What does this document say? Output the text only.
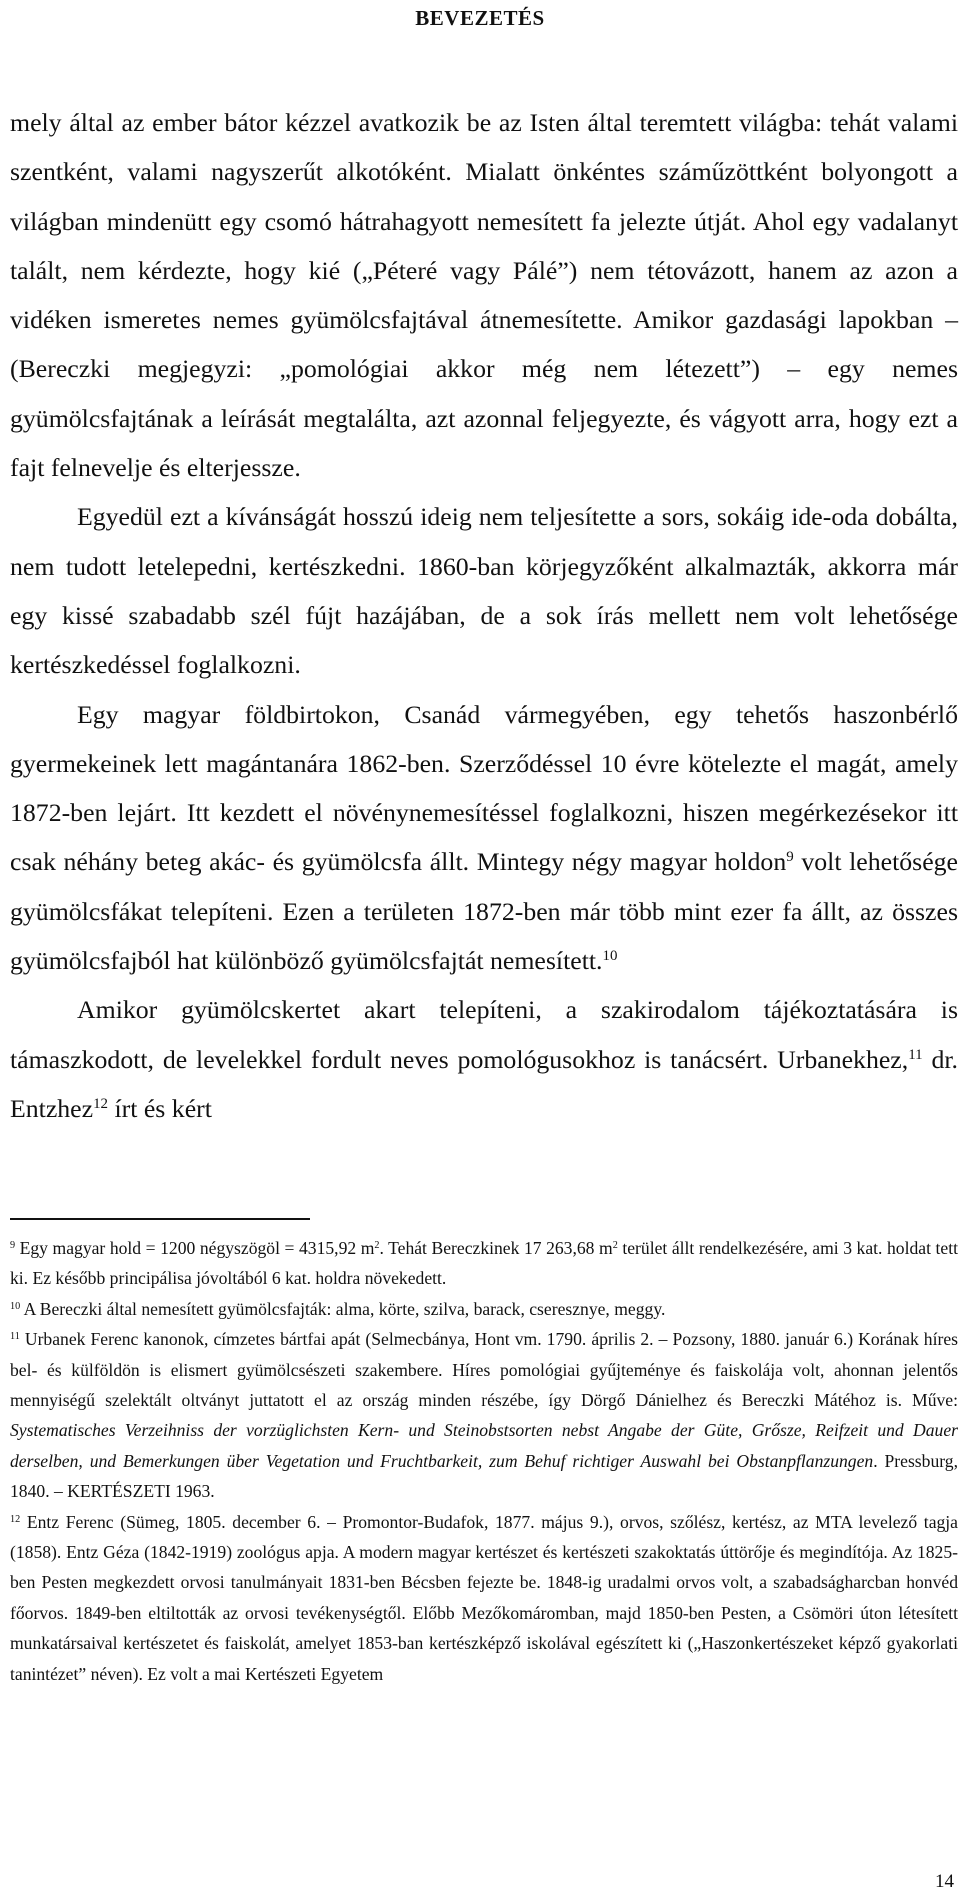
BEVEZETÉS

mely által az ember bátor kézzel avatkozik be az Isten által teremtett világba: tehát valami szentként, valami nagyszerűt alkotóként. Mialatt önkéntes száműzöttként bolyongott a világban mindenütt egy csomó hátrahagyott nemesített fa jelezte útját. Ahol egy vadalanyt talált, nem kérdezte, hogy kié („Péteré vagy Pálé”) nem tétovázott, hanem az azon a vidéken ismeretes nemes gyümölcsfajtával átnemesítette. Amikor gazdasági lapokban – (Bereczki megjegyzi: „pomológiai akkor még nem létezett”) – egy nemes gyümölcsfajtának a leírását megtalálta, azt azonnal feljegyezte, és vágyott arra, hogy ezt a fajt felnevelje és elterjessze.

Egyedül ezt a kívánságát hosszú ideig nem teljesítette a sors, sokáig ide-oda dobálta, nem tudott letelepedni, kertészkedni. 1860-ban körjegyzőként alkalmazták, akkorra már egy kissé szabadabb szél fújt hazájában, de a sok írás mellett nem volt lehetősége kertészkedéssel foglalkozni.

Egy magyar földbirtokon, Csanád vármegyében, egy tehetős haszonbérlő gyermekeinek lett magántanára 1862-ben. Szerződéssel 10 évre kötelezte el magát, amely 1872-ben lejárt. Itt kezdett el növénynemesítéssel foglalkozni, hiszen megérkezésekor itt csak néhány beteg akác- és gyümölcsfa állt. Mintegy négy magyar holdon$^9$ volt lehetősége gyümölcsfákat telepíteni. Ezen a területen 1872-ben már több mint ezer fa állt, az összes gyümölcsfajból hat különböző gyümölcsfajtát nemesített.$^{10}$

Amikor gyümölcskertet akart telepíteni, a szakirodalom tájékoztatására is támaszkodott, de levelekkel fordult neves pomológusokhoz is tanácsért. Urbanekhez,$^{11}$ dr. Entzhez$^{12}$ írt és kért

$^9$ Egy magyar hold = 1200 négyszögöl = 4315,92 $m^2$. Tehát Bereczkinek 17 263,68 $m^2$ terület állt rendelkezésére, ami 3 kat. holdat tett ki. Ez később principálisa jóvoltából 6 kat. holdra növekedett.

$^{10}$ A Bereczki által nemesített gyümölcsfajták: alma, körte, szilva, barack, cseresznye, meggy.

$^{11}$ Urbanek Ferenc kanonok, címzetes bártfai apát (Selmecbánya, Hont vm. 1790. április 2. – Pozsony, 1880. január 6.) Korának híres bel- és külföldön is elismert gyümölcsészeti szakembere. Híres pomológiai gyűjteménye és faiskolája volt, ahonnan jelentős mennyiségű szelektált oltványt juttatott el az ország minden részébe, így Dörgő Dánielhez és Bereczki Mátéhoz is. Műve: Systematisches Verzeihniss der vorzüglichsten Kern- und Steinobstsorten nebst Angabe der Güte, Grősze, Reifzeit und Dauer derselben, und Bemerkungen über Vegetation und Fruchtbarkeit, zum Behuf richtiger Auswahl bei Obstanpflanzungen. Pressburg, 1840. – KERTÉSZETI 1963.

$^{12}$ Entz Ferenc (Sümeg, 1805. december 6. – Promontor-Budafok, 1877. május 9.), orvos, szőlész, kertész, az MTA levelező tagja (1858). Entz Géza (1842-1919) zoológus apja. A modern magyar kertészet és kertészeti szakoktatás úttörője és megindítója. Az 1825-ben Pesten megkezdett orvosi tanulmányait 1831-ben Bécsben fejezte be. 1848-ig uradalmi orvos volt, a szabadságharcban honvéd főorvos. 1849-ben eltiltották az orvosi tevékenységtől. Előbb Mezőkomáromban, majd 1850-ben Pesten, a Csömöri úton létesített munkatársaival kertészetet és faiskolát, amelyet 1853-ban kertészképző iskolával egészített ki („Haszonkertészeket képző gyakorlati tanintézet” néven). Ez volt a mai Kertészeti Egyetem

14
